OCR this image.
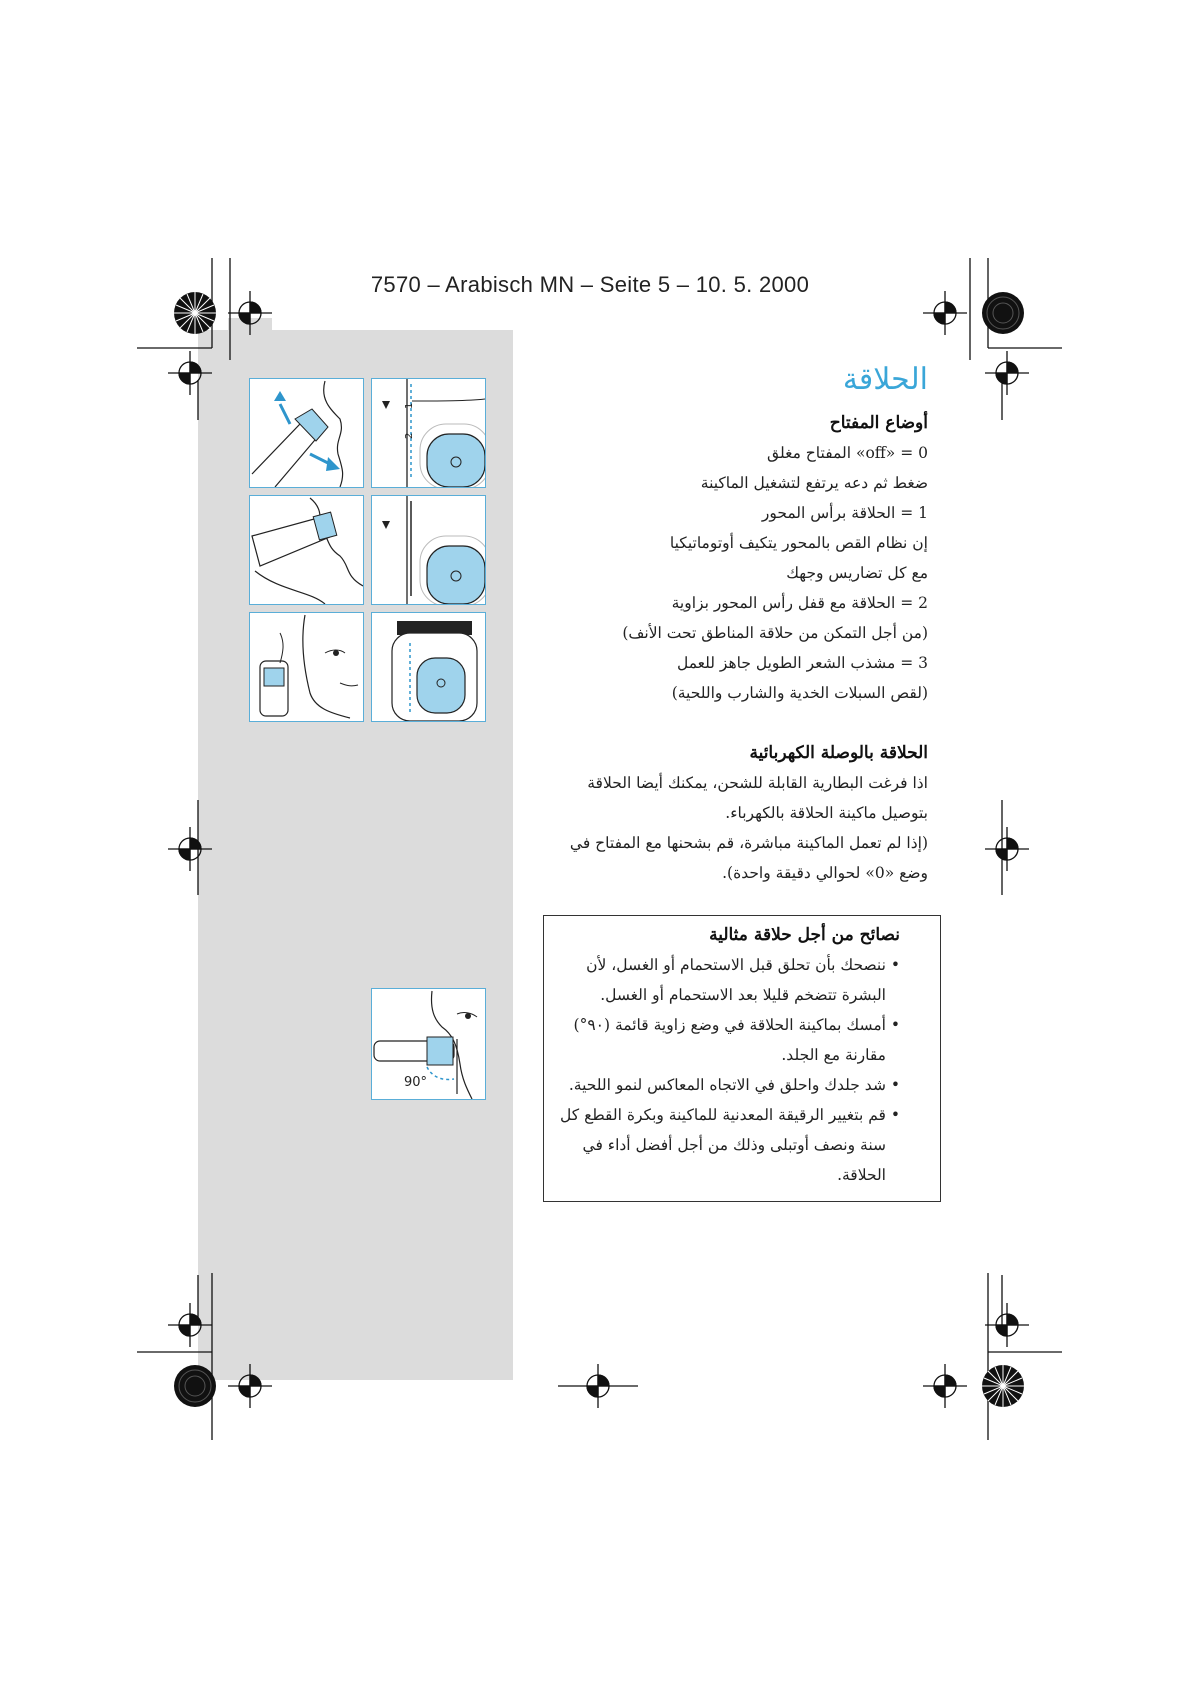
7570 – Arabisch MN – Seite 5 – 10. 5. 2000
2
1
90°
الحلاقة
أوضاع المفتاح
0 = «off» المفتاح مغلق
ضغط ثم دعه يرتفع لتشغيل الماكينة
1 = الحلاقة برأس المحور
إن نظام القص بالمحور يتكيف أوتوماتيكيا
مع كل تضاريس وجهك
2 = الحلاقة مع قفل رأس المحور بزاوية
(من أجل التمكن من حلاقة المناطق تحت الأنف)
3 = مشذب الشعر الطويل جاهز للعمل
(لقص السبلات الخدية والشارب واللحية)
الحلاقة بالوصلة الكهربائية
اذا فرغت البطارية القابلة للشحن، يمكنك أيضا الحلاقة
بتوصيل ماكينة الحلاقة بالكهرباء.
(إذا لم تعمل الماكينة مباشرة، قم بشحنها مع المفتاح في
وضع «0» لحوالي دقيقة واحدة).
نصائح من أجل حلاقة مثالية
• ننصحك بأن تحلق قبل الاستحمام أو الغسل، لأن
البشرة تتضخم قليلا بعد الاستحمام أو الغسل.
• أمسك بماكينة الحلاقة في وضع زاوية قائمة (٩٠°)
مقارنة مع الجلد.
• شد جلدك واحلق في الاتجاه المعاكس لنمو اللحية.
• قم بتغيير الرقيقة المعدنية للماكينة وبكرة القطع كل
سنة ونصف أوتبلى وذلك من أجل أفضل أداء في
الحلاقة.
